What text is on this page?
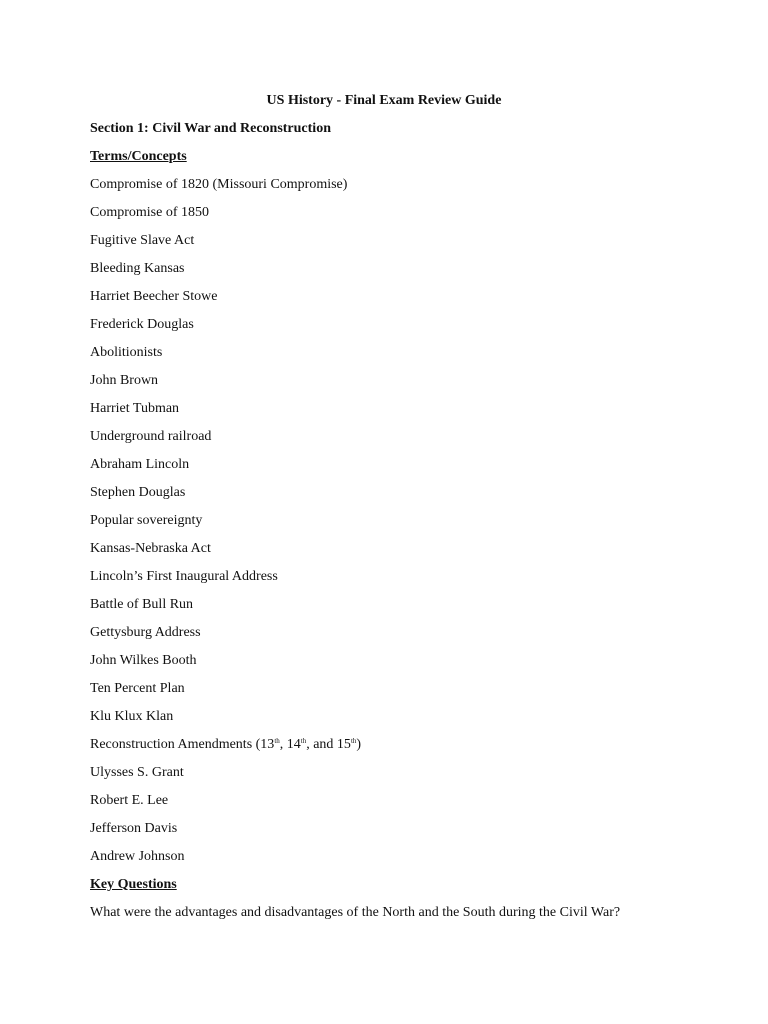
US History - Final Exam Review Guide
Section 1: Civil War and Reconstruction
Terms/Concepts
Compromise of 1820 (Missouri Compromise)
Compromise of 1850
Fugitive Slave Act
Bleeding Kansas
Harriet Beecher Stowe
Frederick Douglas
Abolitionists
John Brown
Harriet Tubman
Underground railroad
Abraham Lincoln
Stephen Douglas
Popular sovereignty
Kansas-Nebraska Act
Lincoln’s First Inaugural Address
Battle of Bull Run
Gettysburg Address
John Wilkes Booth
Ten Percent Plan
Klu Klux Klan
Reconstruction Amendments (13th, 14th, and 15th)
Ulysses S. Grant
Robert E. Lee
Jefferson Davis
Andrew Johnson
Key Questions
What were the advantages and disadvantages of the North and the South during the Civil War?
